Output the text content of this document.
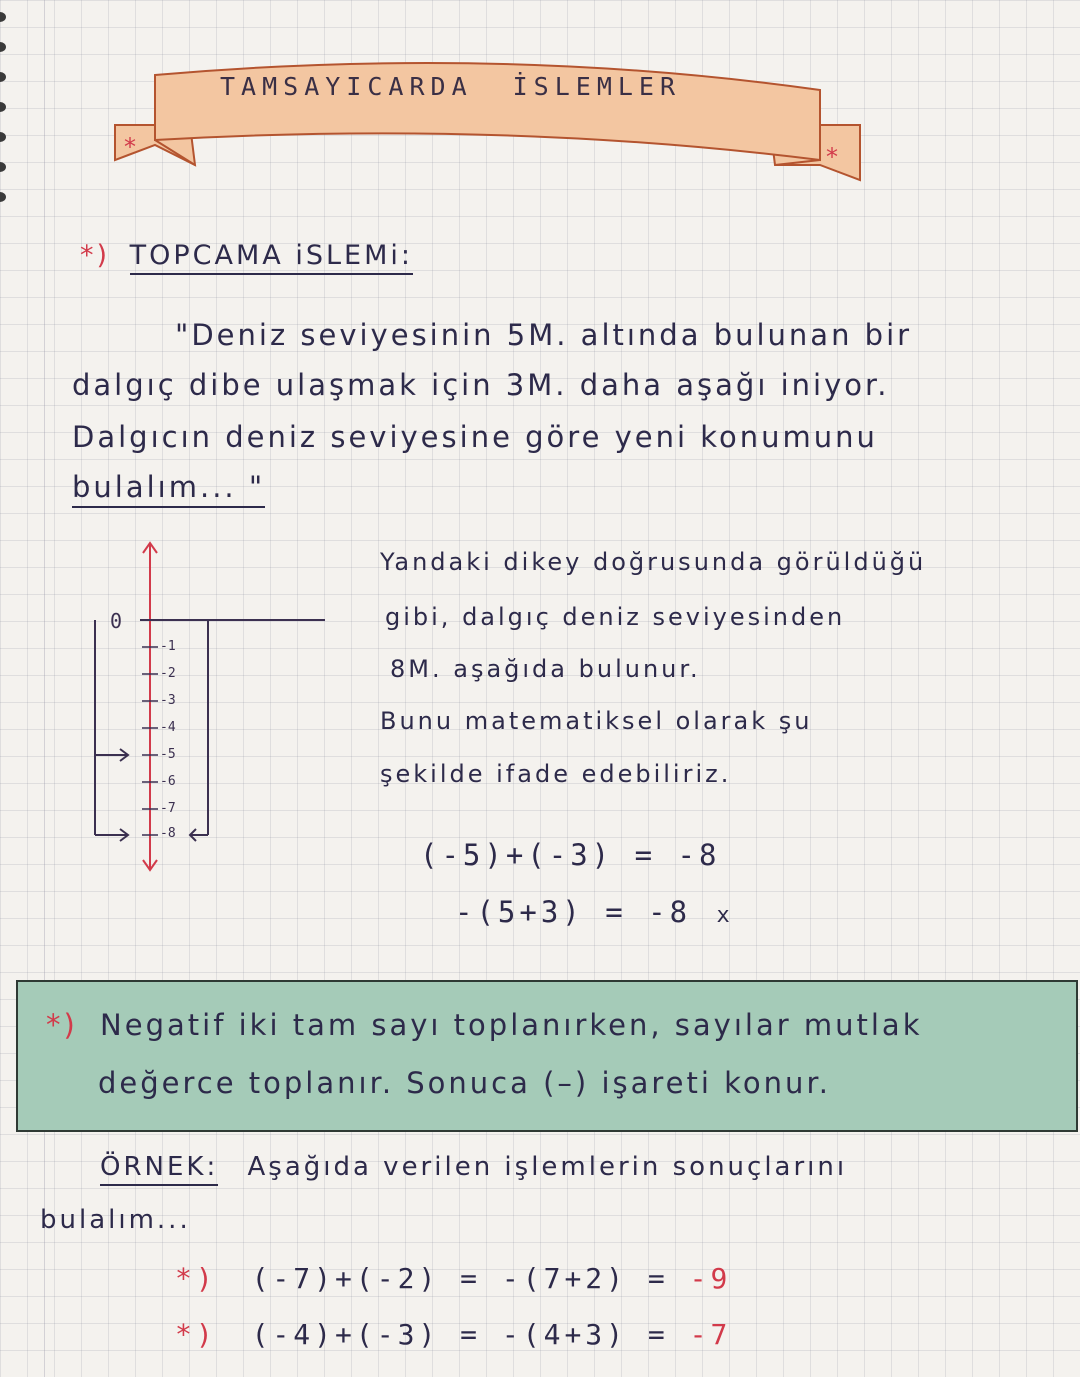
*	*
TAMSAYICARDA İSLEMLER
*) TOPCAMA iSLEMi:
"Deniz seviyesinin 5M. altında bulunan bir
dalgıç dibe ulaşmak için 3M. daha aşağı iniyor.
Dalgıcın deniz seviyesine göre yeni konumunu
bulalım... "
0
-1
-2
-3
-4
-5
-6
-7
-8
Yandaki dikey doğrusunda görüldüğü
gibi, dalgıç deniz seviyesinden
8M. aşağıda bulunur.
Bunu matematiksel olarak şu
şekilde ifade edebiliriz.
(-5)+(-3) = -8
-(5+3) = -8 x
*) Negatif iki tam sayı toplanırken, sayılar mutlak
değerce toplanır. Sonuca (–) işareti konur.
ÖRNEK: Aşağıda verilen işlemlerin sonuçlarını
bulalım...
*) (-7)+(-2) = -(7+2) = -9
*) (-4)+(-3) = -(4+3) = -7
